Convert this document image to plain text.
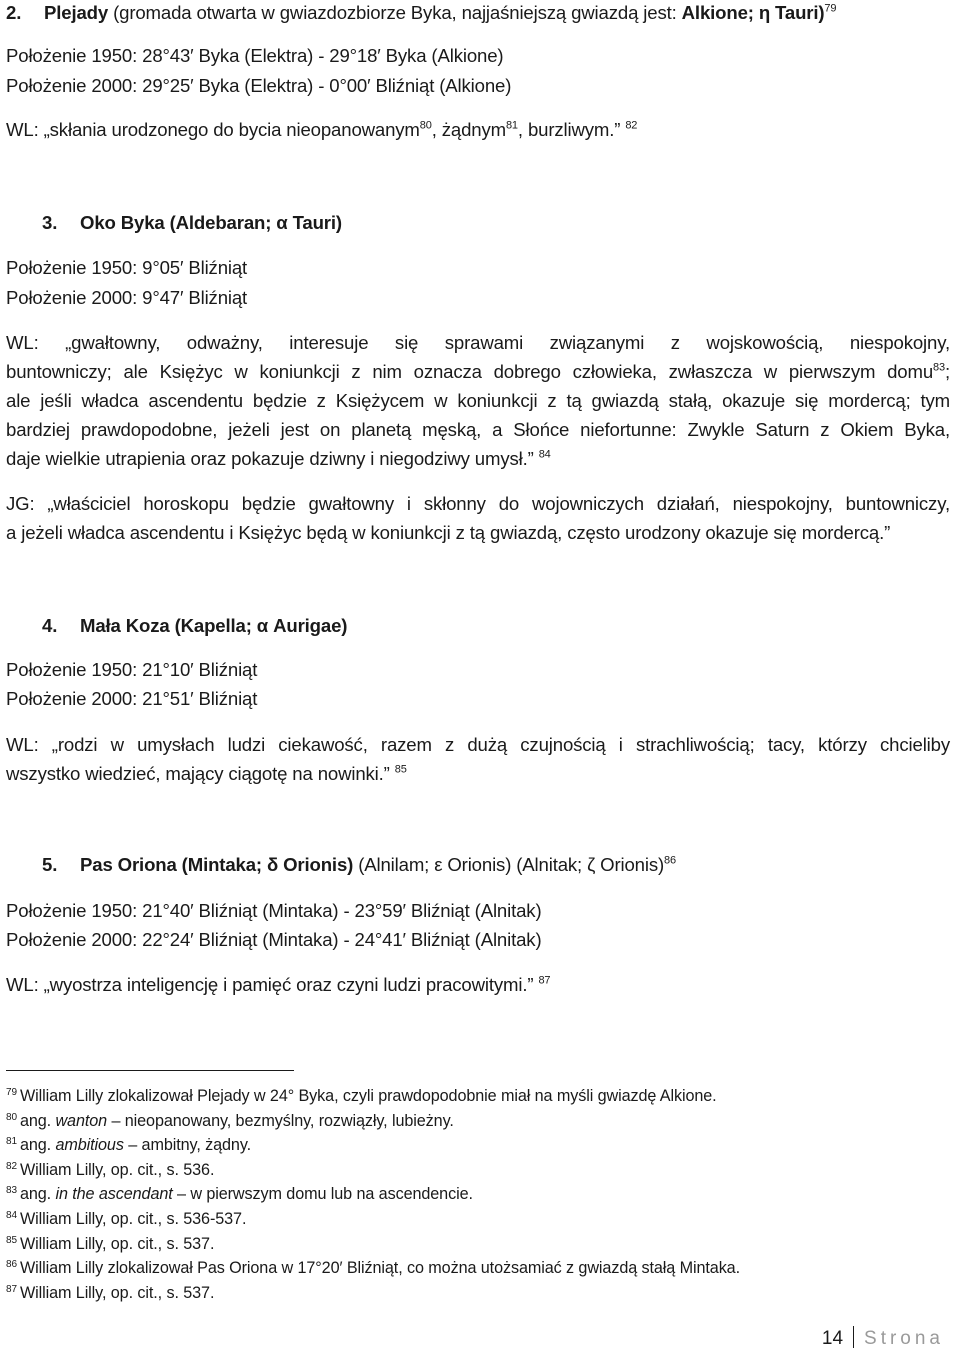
2. Plejady (gromada otwarta w gwiazdozbiorze Byka, najjaśniejszą gwiazdą jest: Alkione; η Tauri)$^{79}$
Położenie 1950: 28°43′ Byka (Elektra) - 29°18′ Byka (Alkione)
Położenie 2000: 29°25′ Byka (Elektra) - 0°00′ Bliźniąt (Alkione)
WL: „skłania urodzonego do bycia nieopanowanym$^{80}$, żądnym$^{81}$, burzliwym.” $^{82}$
3. Oko Byka (Aldebaran; α Tauri)
Położenie 1950: 9°05′ Bliźniąt
Położenie 2000: 9°47′ Bliźniąt
WL: „gwałtowny, odważny, interesuje się sprawami związanymi z wojskowością, niespokojny,
buntowniczy; ale Księżyc w koniunkcji z nim oznacza dobrego człowieka, zwłaszcza w pierwszym domu$^{83}$;
ale jeśli władca ascendentu będzie z Księżycem w koniunkcji z tą gwiazdą stałą, okazuje się mordercą; tym
bardziej prawdopodobne, jeżeli jest on planetą męską, a Słońce niefortunne: Zwykle Saturn z Okiem Byka,
daje wielkie utrapienia oraz pokazuje dziwny i niegodziwy umysł.” $^{84}$
JG: „właściciel horoskopu będzie gwałtowny i skłonny do wojowniczych działań, niespokojny, buntowniczy,
a jeżeli władca ascendentu i Księżyc będą w koniunkcji z tą gwiazdą, często urodzony okazuje się mordercą.”
4. Mała Koza (Kapella; α Aurigae)
Położenie 1950: 21°10′ Bliźniąt
Położenie 2000: 21°51′ Bliźniąt
WL: „rodzi w umysłach ludzi ciekawość, razem z dużą czujnością i strachliwością; tacy, którzy chcieliby
wszystko wiedzieć, mający ciągotę na nowinki.” $^{85}$
5. Pas Oriona (Mintaka; δ Orionis) (Alnilam; ε Orionis) (Alnitak; ζ Orionis)$^{86}$
Położenie 1950: 21°40′ Bliźniąt (Mintaka) - 23°59′ Bliźniąt (Alnitak)
Położenie 2000: 22°24′ Bliźniąt (Mintaka) - 24°41′ Bliźniąt (Alnitak)
WL: „wyostrza inteligencję i pamięć oraz czyni ludzi pracowitymi.” $^{87}$
$^{79}$ William Lilly zlokalizował Plejady w 24° Byka, czyli prawdopodobnie miał na myśli gwiazdę Alkione.
$^{80}$ ang. wanton – nieopanowany, bezmyślny, rozwiązły, lubieżny.
$^{81}$ ang. ambitious – ambitny, żądny.
$^{82}$ William Lilly, op. cit., s. 536.
$^{83}$ ang. in the ascendant – w pierwszym domu lub na ascendencie.
$^{84}$ William Lilly, op. cit., s. 536-537.
$^{85}$ William Lilly, op. cit., s. 537.
$^{86}$ William Lilly zlokalizował Pas Oriona w 17°20′ Bliźniąt, co można utożsamiać z gwiazdą stałą Mintaka.
$^{87}$ William Lilly, op. cit., s. 537.
14 Strona
